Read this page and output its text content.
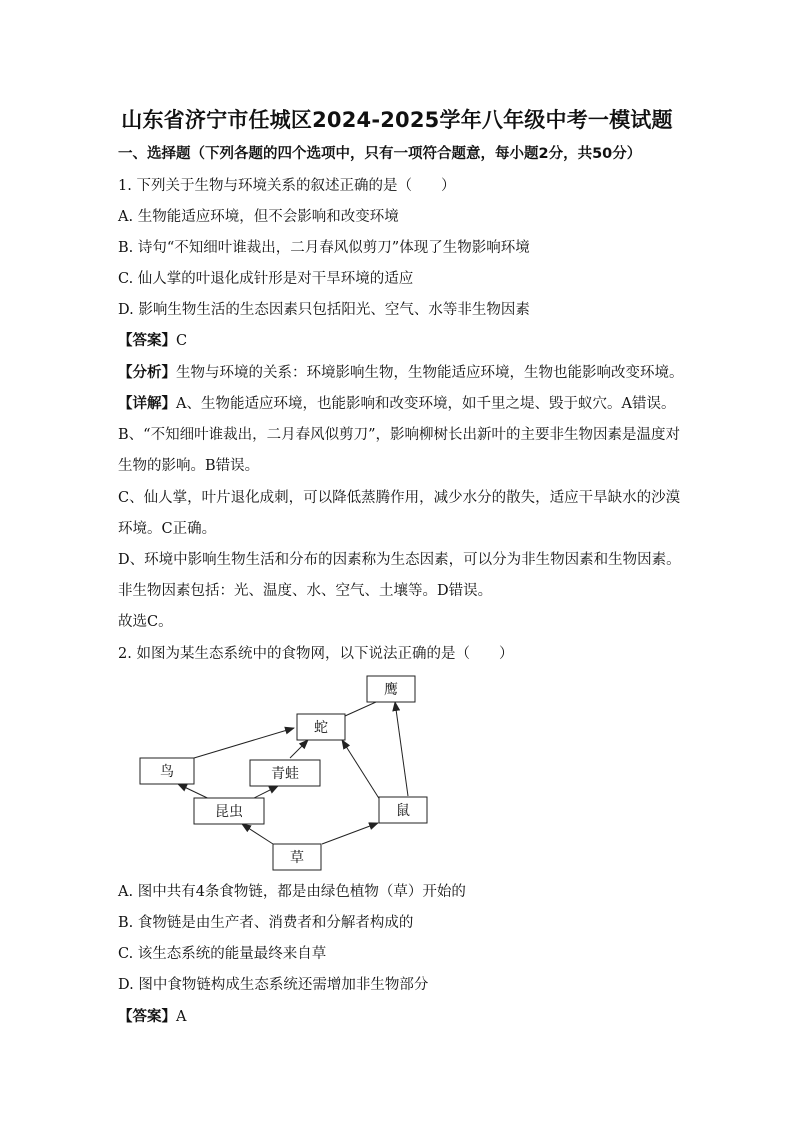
山东省济宁市任城区2024-2025学年八年级中考一模试题
一、选择题（下列各题的四个选项中，只有一项符合题意，每小题2分，共50分）
1. 下列关于生物与环境关系的叙述正确的是（　　）
A. 生物能适应环境，但不会影响和改变环境
B. 诗句“不知细叶谁裁出，二月春风似剪刀”体现了生物影响环境
C. 仙人掌的叶退化成针形是对干旱环境的适应
D. 影响生物生活的生态因素只包括阳光、空气、水等非生物因素
【答案】C
【分析】生物与环境的关系：环境影响生物，生物能适应环境，生物也能影响改变环境。
【详解】A、生物能适应环境，也能影响和改变环境，如千里之堤、毁于蚁穴。A错误。
B、“不知细叶谁裁出，二月春风似剪刀”，影响柳树长出新叶的主要非生物因素是温度对
生物的影响。B错误。
C、仙人掌，叶片退化成刺，可以降低蒸腾作用，减少水分的散失，适应干旱缺水的沙漠
环境。C正确。
D、环境中影响生物生活和分布的因素称为生态因素，可以分为非生物因素和生物因素。
非生物因素包括：光、温度、水、空气、土壤等。D错误。
故选C。
2. 如图为某生态系统中的食物网，以下说法正确的是（　　）
鹰
蛇
鸟	青蛙
昆虫	鼠
草
A. 图中共有4条食物链，都是由绿色植物（草）开始的
B. 食物链是由生产者、消费者和分解者构成的
C. 该生态系统的能量最终来自草
D. 图中食物链构成生态系统还需增加非生物部分
【答案】A
